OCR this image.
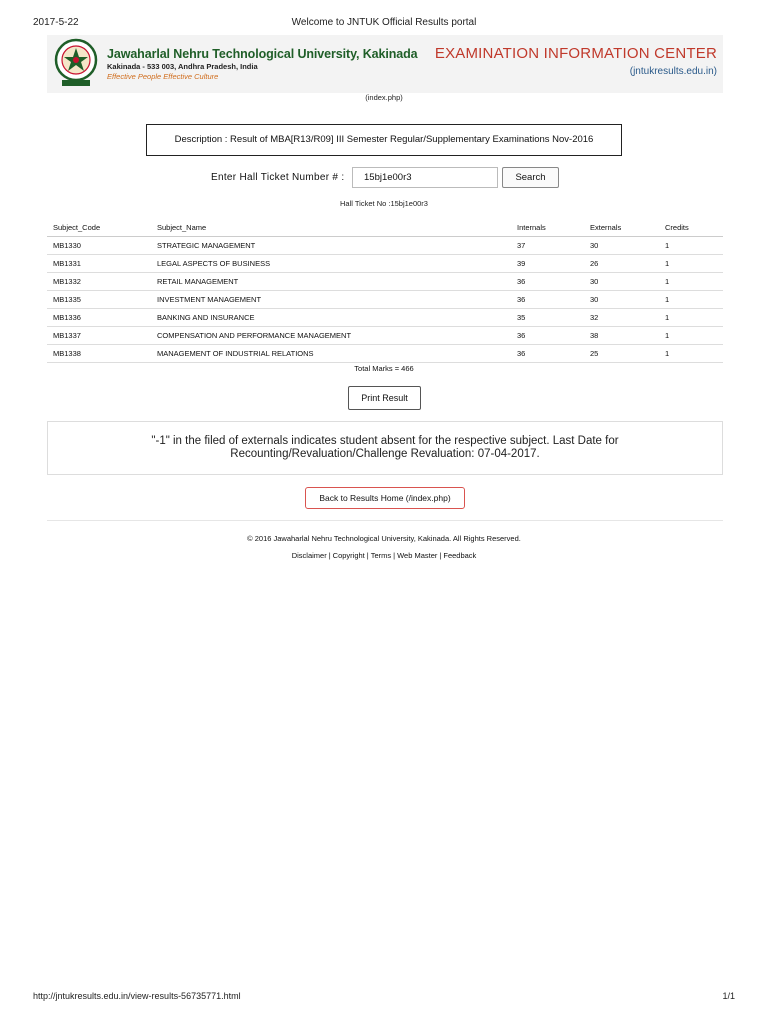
2017-5-22	Welcome to JNTUK Official Results portal
Jawaharlal Nehru Technological University, Kakinada
Kakinada - 533 003, Andhra Pradesh, India
Effective People Effective Culture
EXAMINATION INFORMATION CENTER
(jntukresults.edu.in)
(index.php)
Description : Result of MBA[R13/R09] III Semester Regular/Supplementary Examinations Nov-2016
Enter Hall Ticket Number # :	15bj1e00r3	Search
Hall Ticket No :15bj1e00r3
Subject_Code	Subject_Name	Internals	Externals	Credits
MB1330	STRATEGIC MANAGEMENT	37	30	1
MB1331	LEGAL ASPECTS OF BUSINESS	39	26	1
MB1332	RETAIL MANAGEMENT	36	30	1
MB1335	INVESTMENT MANAGEMENT	36	30	1
MB1336	BANKING AND INSURANCE	35	32	1
MB1337	COMPENSATION AND PERFORMANCE MANAGEMENT	36	38	1
MB1338	MANAGEMENT OF INDUSTRIAL RELATIONS	36	25	1
Total Marks = 466
Print Result
"-1" in the filed of externals indicates student absent for the respective subject. Last Date for
Recounting/Revaluation/Challenge Revaluation: 07-04-2017.
Back to Results Home (/index.php)
© 2016 Jawaharlal Nehru Technological University, Kakinada. All Rights Reserved.
Disclaimer | Copyright | Terms | Web Master | Feedback
http://jntukresults.edu.in/view-results-56735771.html	1/1
